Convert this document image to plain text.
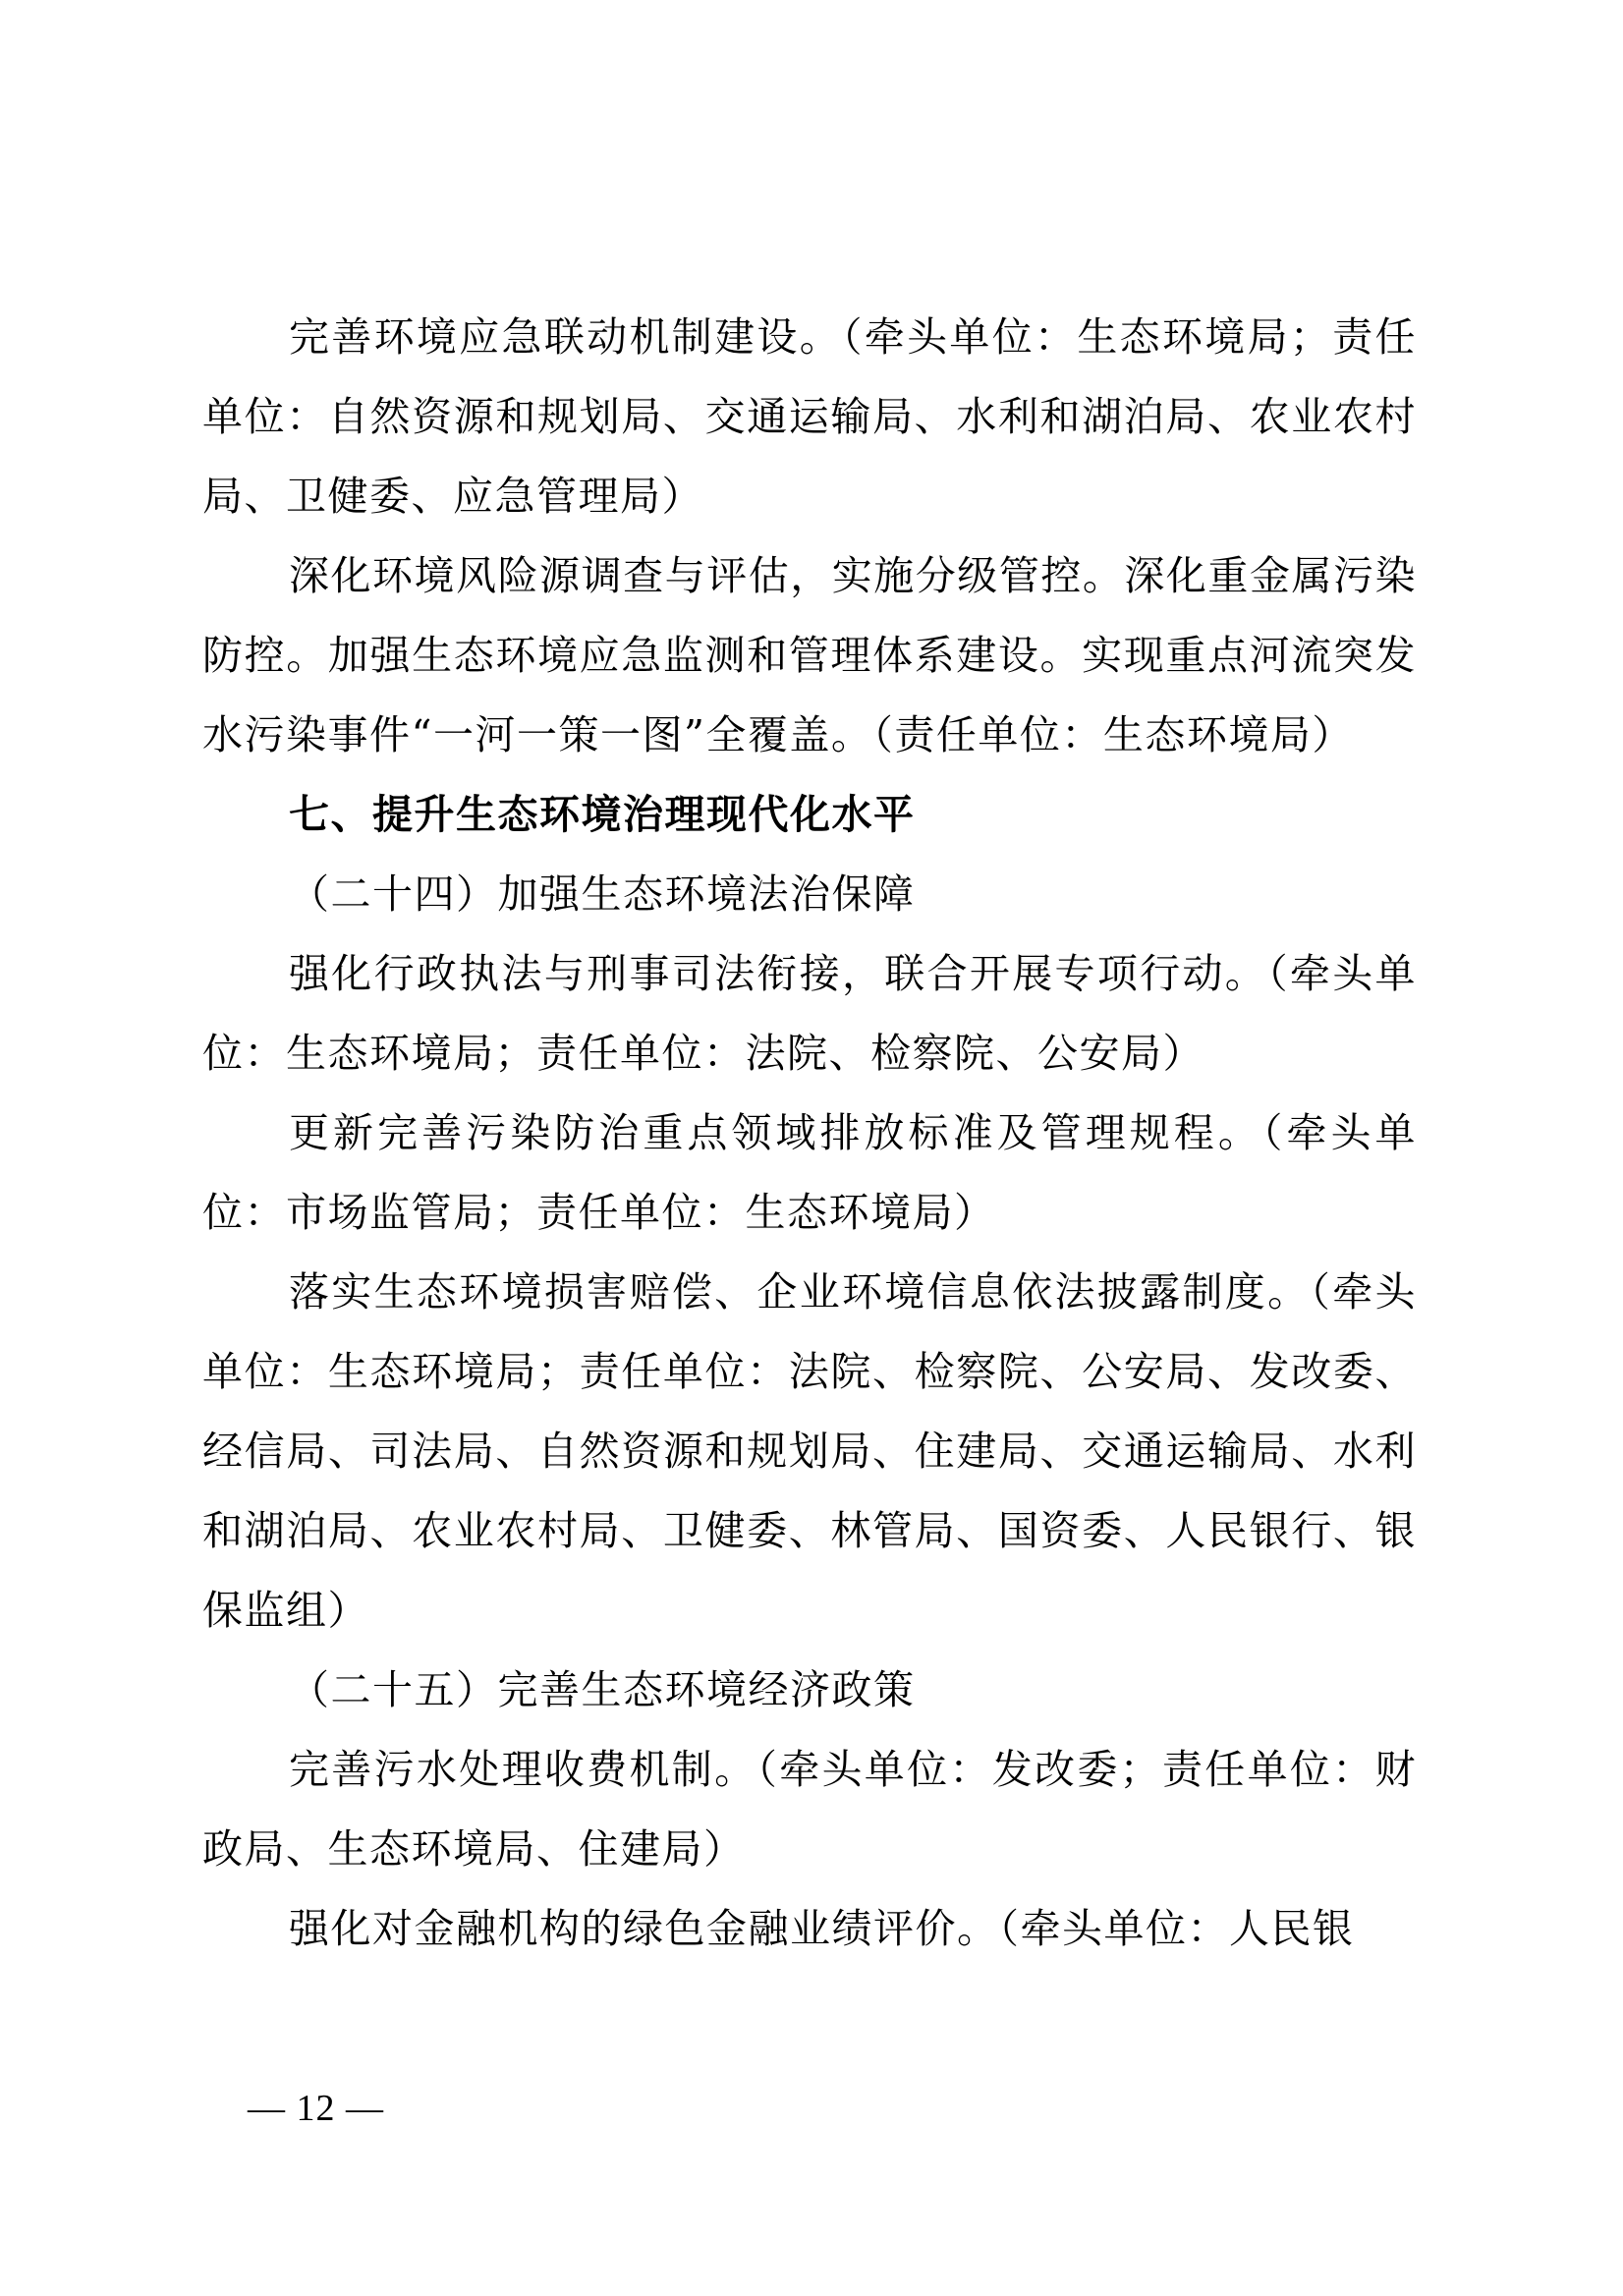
完善环境应急联动机制建设。（牵头单位：生态环境局；责任单位：自然资源和规划局、交通运输局、水利和湖泊局、农业农村局、卫健委、应急管理局）

深化环境风险源调查与评估，实施分级管控。深化重金属污染防控。加强生态环境应急监测和管理体系建设。实现重点河流突发水污染事件“一河一策一图”全覆盖。（责任单位：生态环境局）

七、提升生态环境治理现代化水平

（二十四）加强生态环境法治保障

强化行政执法与刑事司法衔接，联合开展专项行动。（牵头单位：生态环境局；责任单位：法院、检察院、公安局）

更新完善污染防治重点领域排放标准及管理规程。（牵头单位：市场监管局；责任单位：生态环境局）

落实生态环境损害赔偿、企业环境信息依法披露制度。（牵头单位：生态环境局；责任单位：法院、检察院、公安局、发改委、经信局、司法局、自然资源和规划局、住建局、交通运输局、水利和湖泊局、农业农村局、卫健委、林管局、国资委、人民银行、银保监组）

（二十五）完善生态环境经济政策

完善污水处理收费机制。（牵头单位：发改委；责任单位：财政局、生态环境局、住建局）

强化对金融机构的绿色金融业绩评价。（牵头单位：人民银

— 12 —
